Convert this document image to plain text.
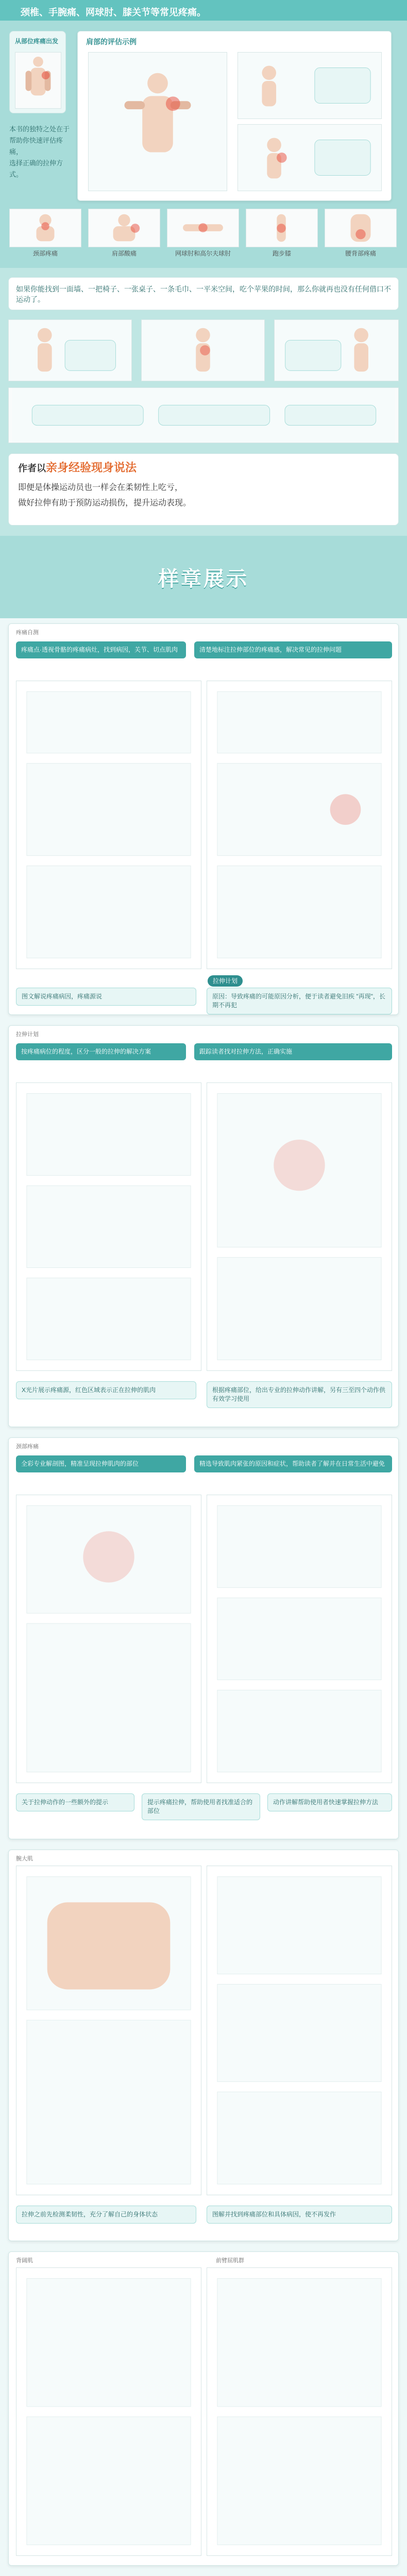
颈椎、手腕痛、网球肘、膝关节等常见疼痛。
从部位疼痛出发	肩部的评估示例
本书的独特之处在于
帮助你快速评估疼痛，
选择正确的拉伸方式。
颈部疼痛	肩部酸痛	网球肘和高尔夫球肘	跑步膝	腰背部疼痛
如果你能找到一面墙、一把椅子、一张桌子、一条毛巾、一平米空间，吃个苹果的时间，那么你就再也没有任何借口不运动了。
作者以 亲身经验现身说法
即便是体操运动员也一样会在柔韧性上吃亏，
做好拉伸有助于预防运动损伤，提升运动表现。
样章展示
疼痛自测
疼痛点·透视骨骼的疼痛病灶，找到病因，关节、切点肌肉	清楚地标注拉伸部位的疼痛感，解决常见的拉伸问题
拉伸计划
图文解说疼痛病因，疼痛源说	原因：导致疼痛的可能原因分析，便于读者避免旧疾 "再现"，长期不再犯
拉伸计划
按疼痛病位的程度，区分一般的拉伸的解决方案	跟踪读者找对拉伸方法，正确实施
X光片展示疼痛源，红色区域表示正在拉伸的肌肉	根据疼痛部位，给出专业的拉伸动作讲解，另有三至四个动作供有效学习使用
颈部疼痛
全彩专业解剖图，精准呈现拉伸肌肉的部位	精选导致肌肉紧张的原因和症状，帮助读者了解并在日常生活中避免
关于拉伸动作的一些额外的提示	提示疼痛拉伸，帮助使用者找准适合的部位
动作讲解帮助使用者快速掌握拉伸方法
腕大肌
拉伸之前先检测柔韧性，充分了解自己的身体状态	图解并找到疼痛部位和具体病因，使不再发作
背阔肌	前臂屈肌群
